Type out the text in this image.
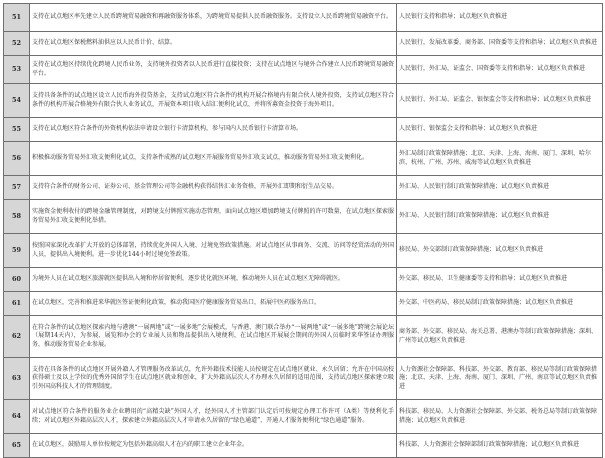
51	支持在试点地区率先建立人民币跨境贸易融资和再融资服务体系，为跨境贸易提供人民币融资服务。支持设立人民币跨境贸易融资平台。	人民银行支持和指导；试点地区负责推进
52	支持在试点地区保税燃料油供应以人民币计价、结算。	人民银行，发展改革委、商务部、国资委等支持和指导；试点地区负责推进
53	支持在试点地区持续优化跨境人民币业务，支持境外投资者以人民币进行直接投资；支持在试点地区与境外合作建立人民币跨境贸易融资平台。	人民银行，外汇局，证监会、国资委等支持和指导；试点地区负责推进
54	支持具备条件的试点地区设立人民币海外投贷基金，支持试点地区符合条件的机构开展合格境内有限合伙人境外投资，支持试点地区符合条件的机构开展合格境外有限合伙人业务试点，开展资本项目收入结汇便利化试点，并将所募资金投资于海外项目。	人民银行、外汇局、证监会、银保监会等支持和指导；试点地区负责推进
55	支持在试点地区符合条件的外资机构依法申请设立银行卡清算机构，参与国内人民币银行卡清算市场。	人民银行、银保监会支持和指导；试点地区负责推进
56	积极推动服务贸易外汇收支便利化试点，支持条件成熟的试点地区开展服务贸易外汇收支试点，推动服务贸易外汇收支便利化。	外汇局制订政策保障措施；北京、天津、上海、海南、厦门、深圳、哈尔滨、杭州、广州、苏州、威海等试点地区负责推进
57	支持符合条件的财务公司、证券公司、基金管理公司等金融机构获得结售汇业务资格，开展外汇即期和衍生品交易。	外汇局、人民银行制订政策保障措施；试点地区负责推进
58	实施资金便利收付的跨境金融管理制度，对跨境支付牌照实施动态管理，面向试点地区增加跨境支付牌照的许可数量，在试点地区探索服务贸易外汇收支便利化举措。	外汇局、人民银行制订政策保障措施；试点地区负责推进
59	按照国家深化改革扩大开放的总体部署，持续优化外国人入境、过境免签政策措施。对试点地区从事商务、交流、访问等经贸活动的外国人员，提供出入境便利。进一步优化144小时过境免签政策。	移民局、外交部制订政策保障措施；试点地区负责推进
60	为境外人员在试点地区旅游就医提供出入境和停居留便利，逐步优化就医环境，推动境外人员在试点地区无障碍就医。	外交部、移民局、卫生健康委等支持和指导；试点地区负责推进
61	在试点地区，完善和推进来华就医签证便利化政策，推动我国医疗健康服务贸易出口，拓展中医药服务出口。	外交部、中医药局、移民局制订政策保障措施；试点地区负责推进
62	在符合条件的试点地区探索内地与港澳“一展两地”或“一展多地”会展模式，与香港、澳门联合举办“一展两地”或“一展多地”跨境会展论坛（展期14天内），为参展、展览和办会的专业展人员和物品提供出入境便利，在试点地区开展展会期间的外国人员临时来华签证办理服务，推动服务贸易企业参展。	商务部、外交部、移民局、海关总署、港澳办等制订政策保障措施；深圳、广州等试点地区负责推进
63	支持在具备条件的试点地区开展外籍人才管理服务改革试点，允许外籍技术技能人员按规定在试点地区就业、永久居留；允许在中国高校获得硕士及以上学位的优秀外国留学生在试点地区就业和创业，扩大外籍高层次人才办理永久居留的适用范围，支持试点地区探索建立吸引外国高科技人才的管理制度。	人力资源社会保障部、科技部、外交部、教育部、移民局等制订政策保障措施；北京、天津、上海、海南、厦门、深圳、广州、南京等试点地区负责推进
64	对试点地区符合条件的服务业企业聘用的“高精尖缺”外国人才，经外国人才主管部门认定后可按规定办理工作许可（A类）等便利化手续；对试点地区外籍高层次人才，探索建立外籍高层次人才申请永久居留的“绿色通道”，开通人才服务便利化“绿色通道”服务。	科技部、移民局、人力资源社会保障部、外交部、税务总局等制订政策保障措施；试点地区负责推进
65	在试点地区，鼓励用人单位按规定为包括外籍高端人才在内的职工建立企业年金。	科技部、人力资源社会保障部制订政策保障措施；试点地区负责推进
